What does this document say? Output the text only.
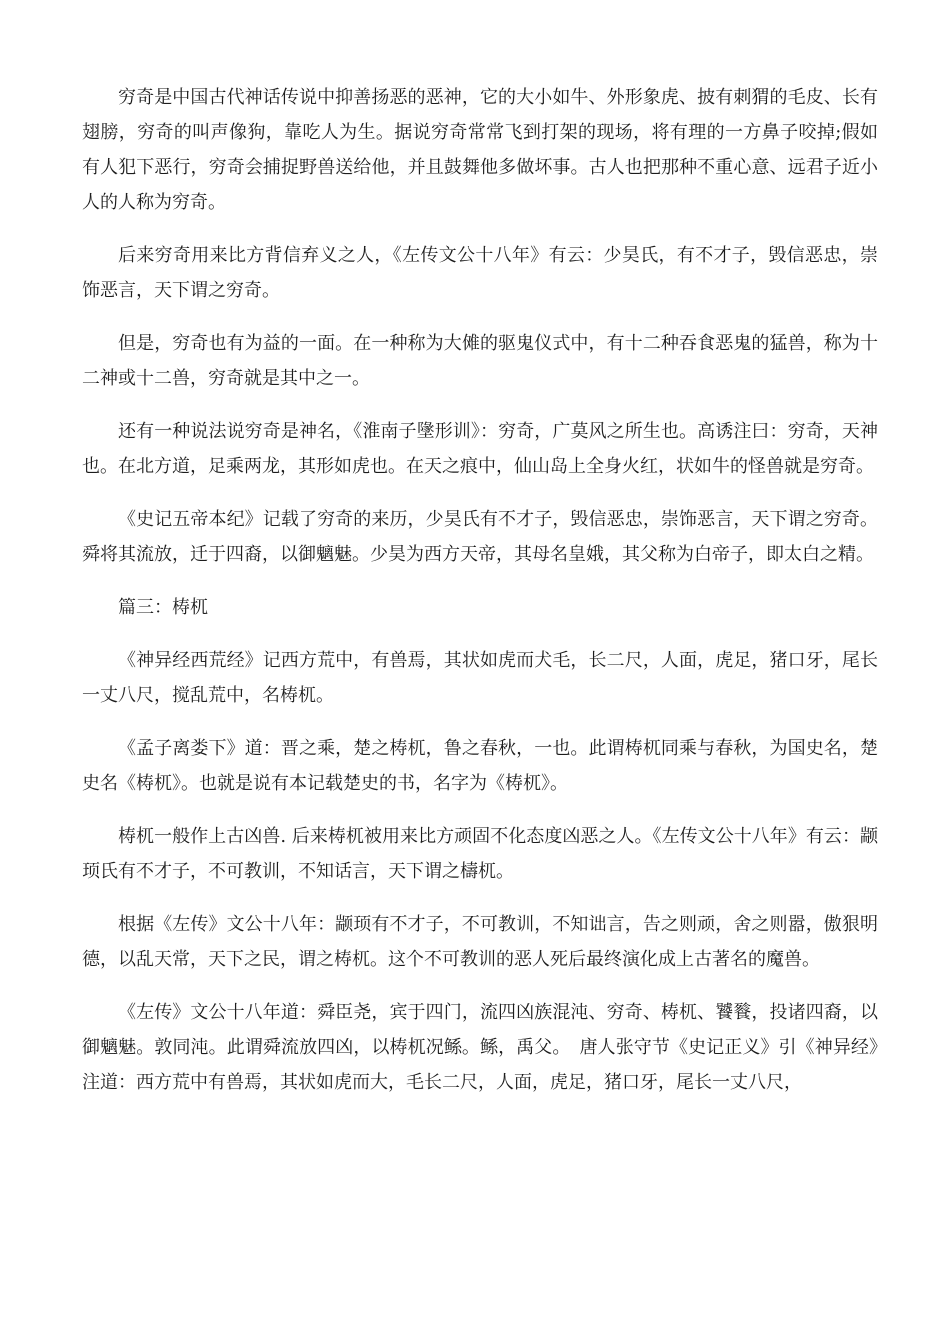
穷奇是中国古代神话传说中抑善扬恶的恶神，它的大小如牛、外形象虎、披有刺猬的毛皮、长有翅膀，穷奇的叫声像狗，靠吃人为生。据说穷奇常常飞到打架的现场，将有理的一方鼻子咬掉;假如有人犯下恶行，穷奇会捕捉野兽送给他，并且鼓舞他多做坏事。古人也把那种不重心意、远君子近小人的人称为穷奇。

后来穷奇用来比方背信弃义之人，《左传文公十八年》有云：少昊氏，有不才子，毁信恶忠，崇饰恶言，天下谓之穷奇。

但是，穷奇也有为益的一面。在一种称为大傩的驱鬼仪式中，有十二种吞食恶鬼的猛兽，称为十二神或十二兽，穷奇就是其中之一。

还有一种说法说穷奇是神名，《淮南子墬形训》：穷奇，广莫风之所生也。高诱注曰：穷奇，天神也。在北方道，足乘两龙，其形如虎也。在天之痕中，仙山岛上全身火红，状如牛的怪兽就是穷奇。

《史记五帝本纪》记载了穷奇的来历，少昊氏有不才子，毁信恶忠，崇饰恶言，天下谓之穷奇。舜将其流放，迁于四裔，以御魑魅。少昊为西方天帝，其母名皇娥，其父称为白帝子，即太白之精。

篇三：梼杌

《神异经西荒经》记西方荒中，有兽焉，其状如虎而犬毛，长二尺，人面，虎足，猪口牙，尾长一丈八尺，搅乱荒中，名梼杌。

《孟子离娄下》道：晋之乘，楚之梼杌，鲁之春秋，一也。此谓梼杌同乘与春秋，为国史名，楚史名《梼杌》。也就是说有本记载楚史的书，名字为《梼杌》。

梼杌一般作上古凶兽. 后来梼杌被用来比方顽固不化态度凶恶之人。《左传文公十八年》有云：颛顼氏有不才子，不可教训，不知话言，天下谓之檮杌。

根据《左传》文公十八年：颛顼有不才子，不可教训，不知诎言，告之则顽，舍之则嚣，傲狠明德，以乱天常，天下之民，谓之梼杌。这个不可教训的恶人死后最终演化成上古著名的魔兽。

《左传》文公十八年道：舜臣尧，宾于四门，流四凶族混沌、穷奇、梼杌、饕餮，投诸四裔，以御魑魅。敦同沌。此谓舜流放四凶，以梼杌况鲧。鲧，禹父。　唐人张守节《史记正义》引《神异经》注道：西方荒中有兽焉，其状如虎而大，毛长二尺，人面，虎足，猪口牙，尾长一丈八尺，
